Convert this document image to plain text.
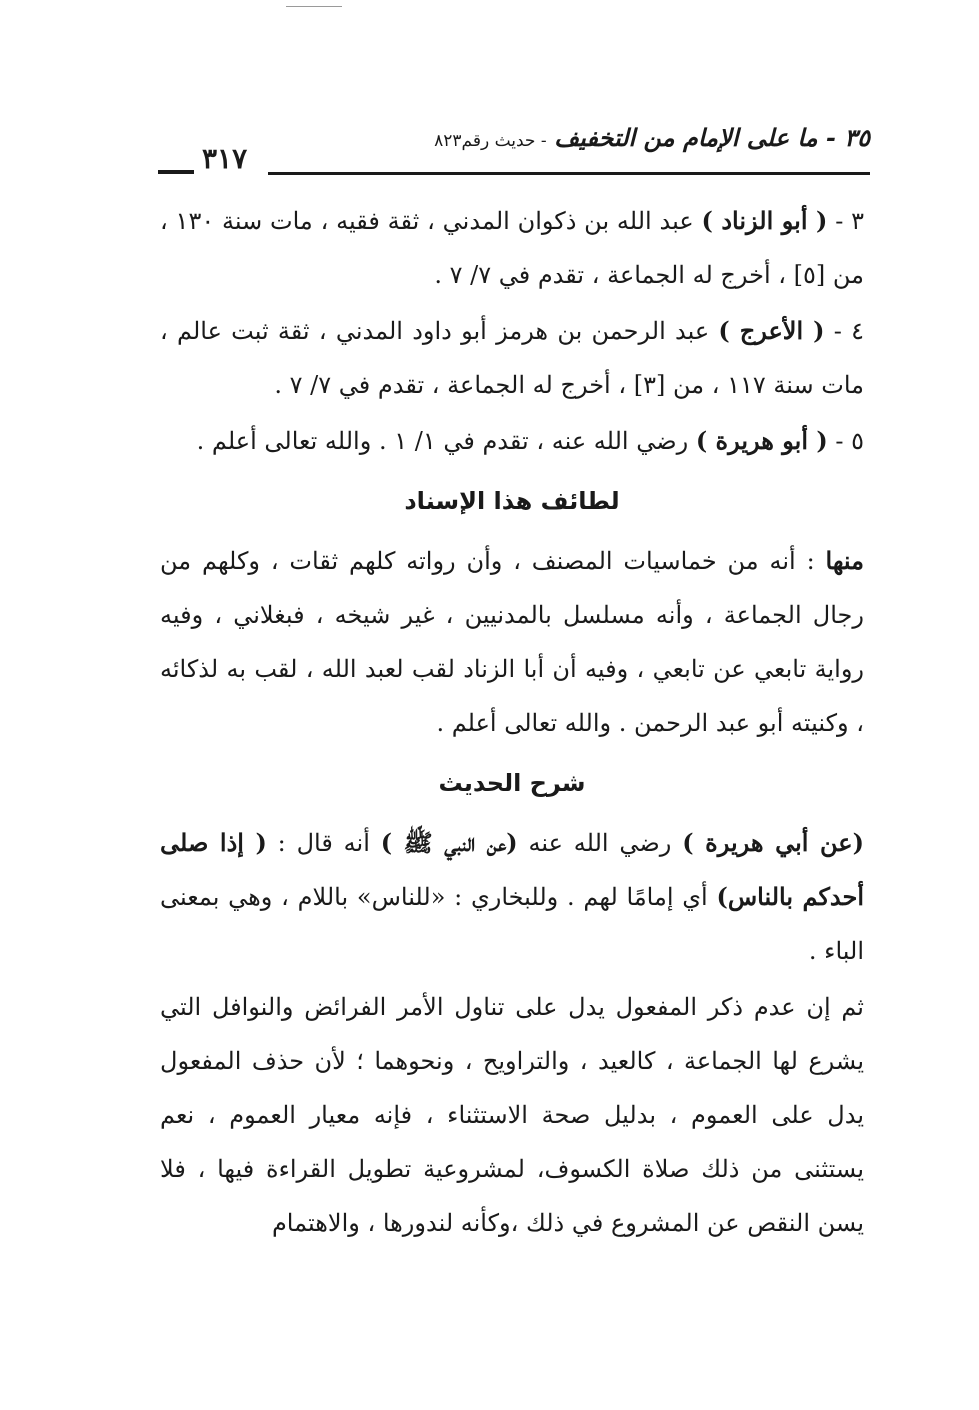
٣١٧
٣٥ - ما على الإمام من التخفيف - حديث رقم٨٢٣

٣ - ( أبو الزناد ) عبد الله بن ذكوان المدني ، ثقة فقيه ، مات سنة ١٣٠ ، من [٥] ، أخرج له الجماعة ، تقدم في ٧/ ٧ .

٤ - ( الأعرج ) عبد الرحمن بن هرمز أبو داود المدني ، ثقة ثبت عالم ، مات سنة ١١٧ ، من [٣] ، أخرج له الجماعة ، تقدم في ٧/ ٧ .

٥ - ( أبو هريرة ) رضي الله عنه ، تقدم في ١/ ١ . والله تعالى أعلم .

لطائف هذا الإسناد

منها : أنه من خماسيات المصنف ، وأن رواته كلهم ثقات ، وكلهم من رجال الجماعة ، وأنه مسلسل بالمدنيين ، غير شيخه ، فبغلاني ، وفيه رواية تابعي عن تابعي ، وفيه أن أبا الزناد لقب لعبد الله ، لقب به لذكائه ، وكنيته أبو عبد الرحمن . والله تعالى أعلم .

شرح الحديث

(عن أبي هريرة ) رضي الله عنه (عن النبي ﷺ ) أنه قال : ( إذا صلى أحدكم بالناس) أي إمامًا لهم . وللبخاري : «للناس» باللام ، وهي بمعنى الباء .

ثم إن عدم ذكر المفعول يدل على تناول الأمر الفرائض والنوافل التي يشرع لها الجماعة ، كالعيد ، والتراويح ، ونحوهما ؛ لأن حذف المفعول يدل على العموم ، بدليل صحة الاستثناء ، فإنه معيار العموم ، نعم يستثنى من ذلك صلاة الكسوف، لمشروعية تطويل القراءة فيها ، فلا يسن النقص عن المشروع في ذلك ،وكأنه لندورها ، والاهتمام
